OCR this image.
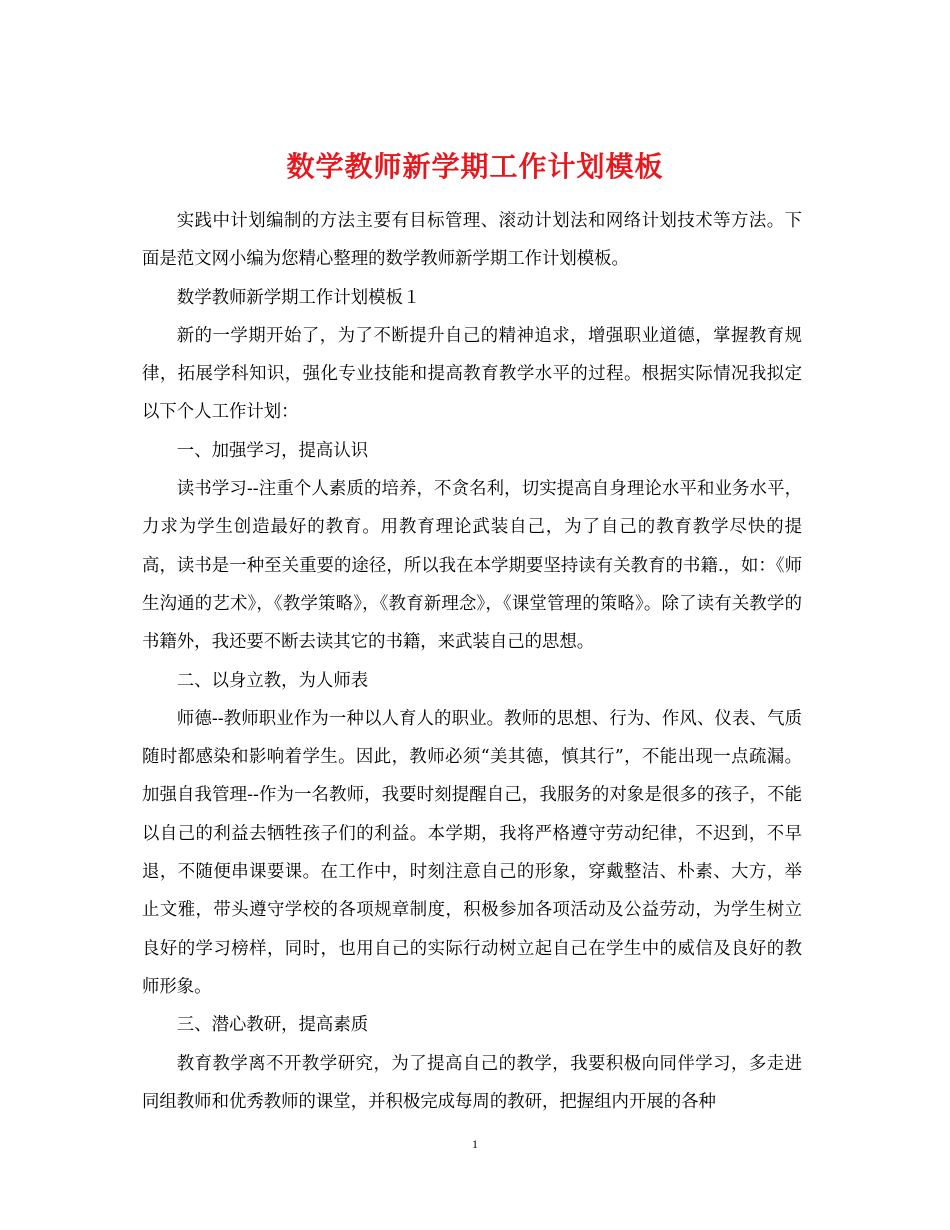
数学教师新学期工作计划模板

实践中计划编制的方法主要有目标管理、滚动计划法和网络计划技术等方法。下面是范文网小编为您精心整理的数学教师新学期工作计划模板。

数学教师新学期工作计划模板１

新的一学期开始了，为了不断提升自己的精神追求，增强职业道德，掌握教育规律，拓展学科知识，强化专业技能和提高教育教学水平的过程。根据实际情况我拟定以下个人工作计划：

一、加强学习，提高认识

读书学习--注重个人素质的培养，不贪名利，切实提高自身理论水平和业务水平，力求为学生创造最好的教育。用教育理论武装自己，为了自己的教育教学尽快的提高，读书是一种至关重要的途径，所以我在本学期要坚持读有关教育的书籍.，如：《师生沟通的艺术》，《教学策略》，《教育新理念》，《课堂管理的策略》。除了读有关教学的书籍外，我还要不断去读其它的书籍，来武装自己的思想。

二、以身立教，为人师表

师德--教师职业作为一种以人育人的职业。教师的思想、行为、作风、仪表、气质随时都感染和影响着学生。因此，教师必须“美其德，慎其行”，不能出现一点疏漏。加强自我管理--作为一名教师，我要时刻提醒自己，我服务的对象是很多的孩子，不能以自己的利益去牺牲孩子们的利益。本学期，我将严格遵守劳动纪律，不迟到，不早退，不随便串课要课。在工作中，时刻注意自己的形象，穿戴整洁、朴素、大方，举止文雅，带头遵守学校的各项规章制度，积极参加各项活动及公益劳动，为学生树立良好的学习榜样，同时，也用自己的实际行动树立起自己在学生中的威信及良好的教师形象。

三、潜心教研，提高素质

教育教学离不开教学研究，为了提高自己的教学，我要积极向同伴学习，多走进同组教师和优秀教师的课堂，并积极完成每周的教研，把握组内开展的各种

1
